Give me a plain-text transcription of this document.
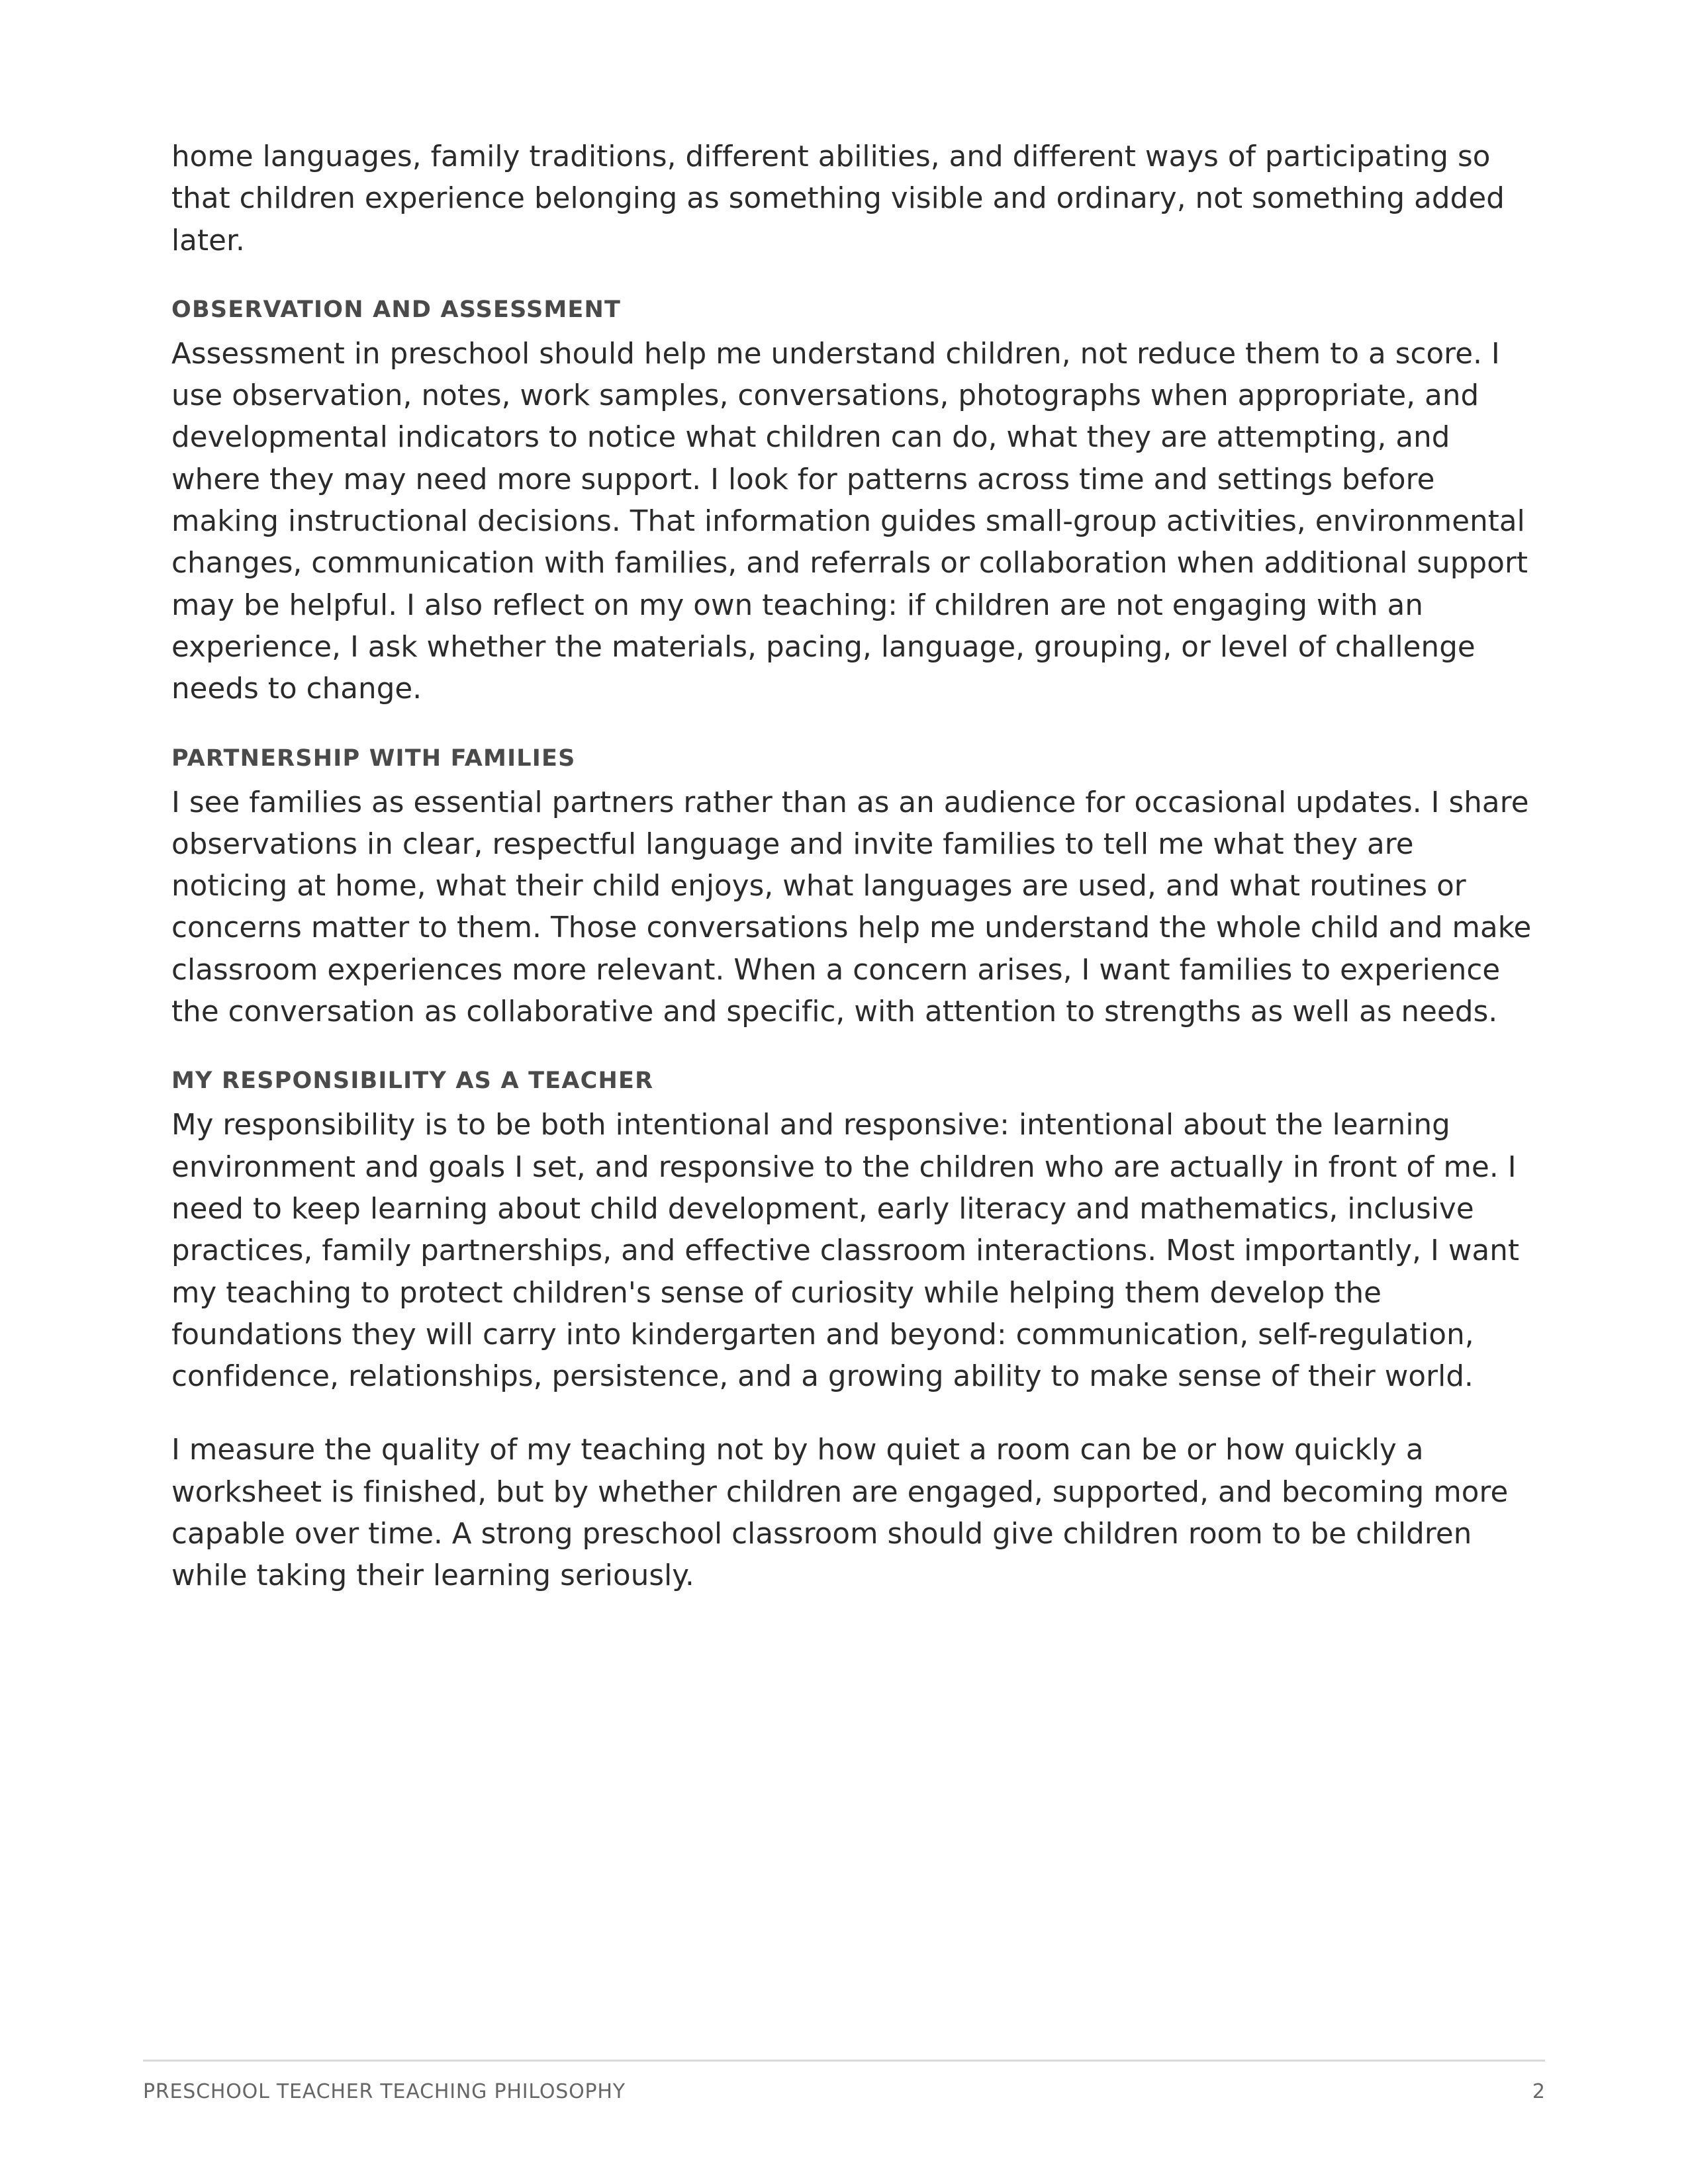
home languages, family traditions, different abilities, and different ways of participating so
that children experience belonging as something visible and ordinary, not something added
later.

OBSERVATION AND ASSESSMENT

Assessment in preschool should help me understand children, not reduce them to a score. I
use observation, notes, work samples, conversations, photographs when appropriate, and
developmental indicators to notice what children can do, what they are attempting, and
where they may need more support. I look for patterns across time and settings before
making instructional decisions. That information guides small-group activities, environmental
changes, communication with families, and referrals or collaboration when additional support
may be helpful. I also reflect on my own teaching: if children are not engaging with an
experience, I ask whether the materials, pacing, language, grouping, or level of challenge
needs to change.

PARTNERSHIP WITH FAMILIES

I see families as essential partners rather than as an audience for occasional updates. I share
observations in clear, respectful language and invite families to tell me what they are
noticing at home, what their child enjoys, what languages are used, and what routines or
concerns matter to them. Those conversations help me understand the whole child and make
classroom experiences more relevant. When a concern arises, I want families to experience
the conversation as collaborative and specific, with attention to strengths as well as needs.

MY RESPONSIBILITY AS A TEACHER

My responsibility is to be both intentional and responsive: intentional about the learning
environment and goals I set, and responsive to the children who are actually in front of me. I
need to keep learning about child development, early literacy and mathematics, inclusive
practices, family partnerships, and effective classroom interactions. Most importantly, I want
my teaching to protect children's sense of curiosity while helping them develop the
foundations they will carry into kindergarten and beyond: communication, self-regulation,
confidence, relationships, persistence, and a growing ability to make sense of their world.

I measure the quality of my teaching not by how quiet a room can be or how quickly a
worksheet is finished, but by whether children are engaged, supported, and becoming more
capable over time. A strong preschool classroom should give children room to be children
while taking their learning seriously.

PRESCHOOL TEACHER TEACHING PHILOSOPHY	2
